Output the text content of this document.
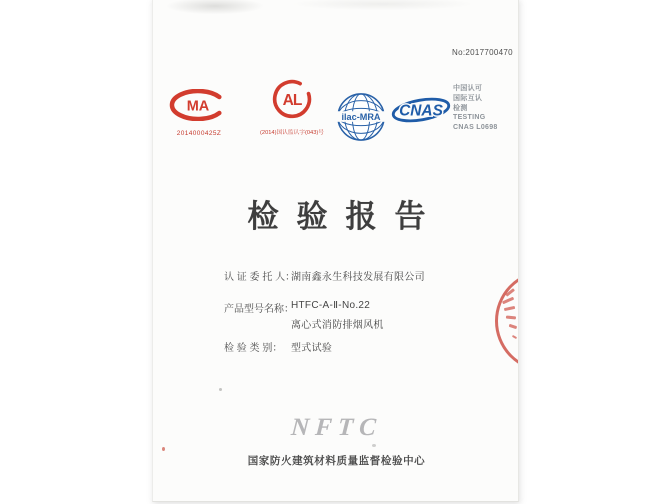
No:2017700470
MA
2014000425Z
AL
(2014)国认监认字(043)号
ilac-MRA CNAS
中国认可
国际互认
检测
TESTING
CNAS L0698
检验报告
认 证 委 托 人：
湖南鑫永生科技发展有限公司
产品型号名称：
HTFC-A-Ⅱ-No.22
离心式消防排烟风机
检 验 类 别： 型式试验
NFTC
国家防火建筑材料质量监督检验中心
